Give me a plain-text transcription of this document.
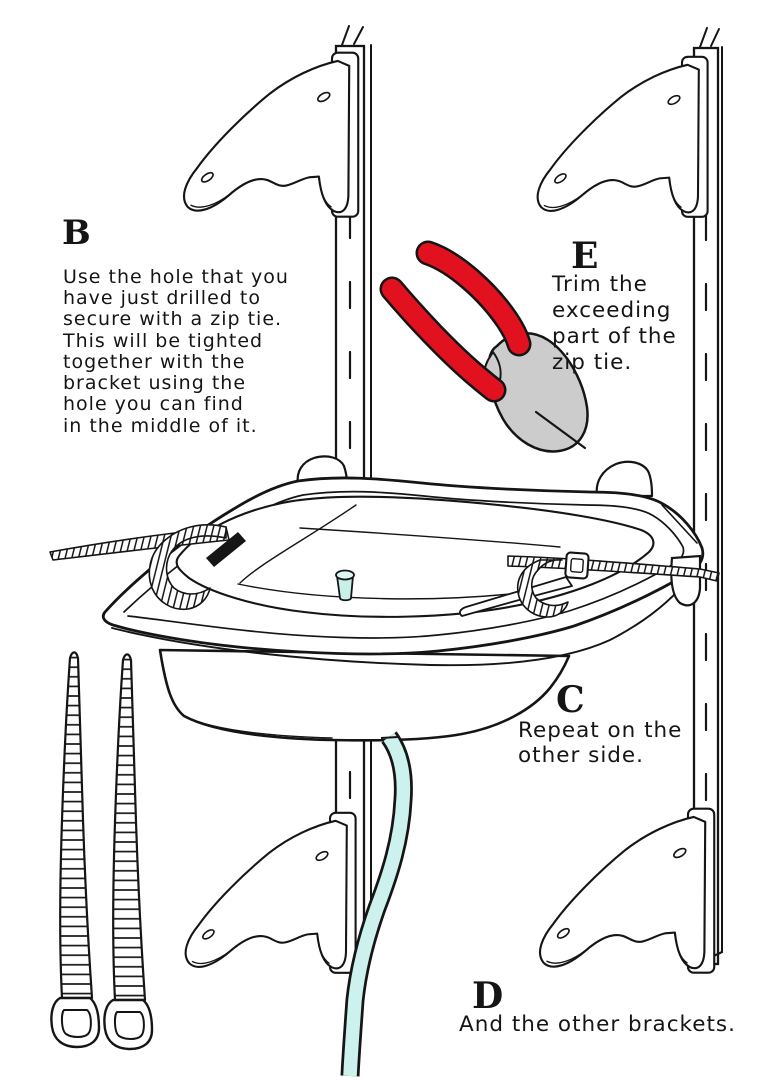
B
Use the hole that you
have just drilled to
secure with a zip tie.
This will be tighted
together with the
bracket using the
hole you can find
in the middle of it.
E
Trim the
exceeding
part of the
zip tie.
C
Repeat on the
other side.
D
And the other brackets.
